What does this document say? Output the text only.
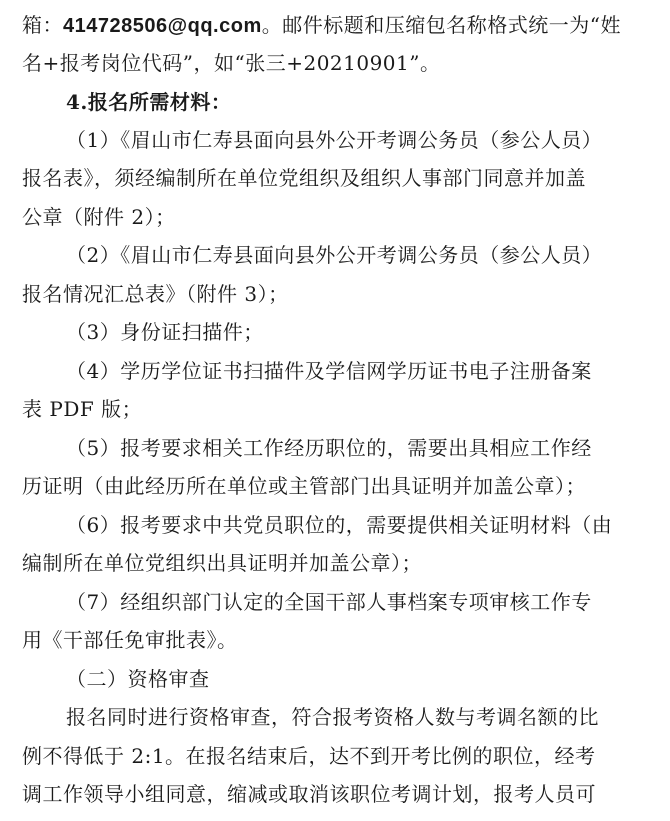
箱：414728506@qq.com。邮件标题和压缩包名称格式统一为“姓
名+报考岗位代码”，如“张三+20210901”。
4.报名所需材料：
（1）《眉山市仁寿县面向县外公开考调公务员（参公人员）
报名表》，须经编制所在单位党组织及组织人事部门同意并加盖
公章（附件 2）；
（2）《眉山市仁寿县面向县外公开考调公务员（参公人员）
报名情况汇总表》（附件 3）；
（3）身份证扫描件；
（4）学历学位证书扫描件及学信网学历证书电子注册备案
表 PDF 版；
（5）报考要求相关工作经历职位的，需要出具相应工作经
历证明（由此经历所在单位或主管部门出具证明并加盖公章）；
（6）报考要求中共党员职位的，需要提供相关证明材料（由
编制所在单位党组织出具证明并加盖公章）；
（7）经组织部门认定的全国干部人事档案专项审核工作专
用《干部任免审批表》。
（二）资格审查
报名同时进行资格审查，符合报考资格人数与考调名额的比
例不得低于 2:1。在报名结束后，达不到开考比例的职位，经考
调工作领导小组同意，缩减或取消该职位考调计划，报考人员可
